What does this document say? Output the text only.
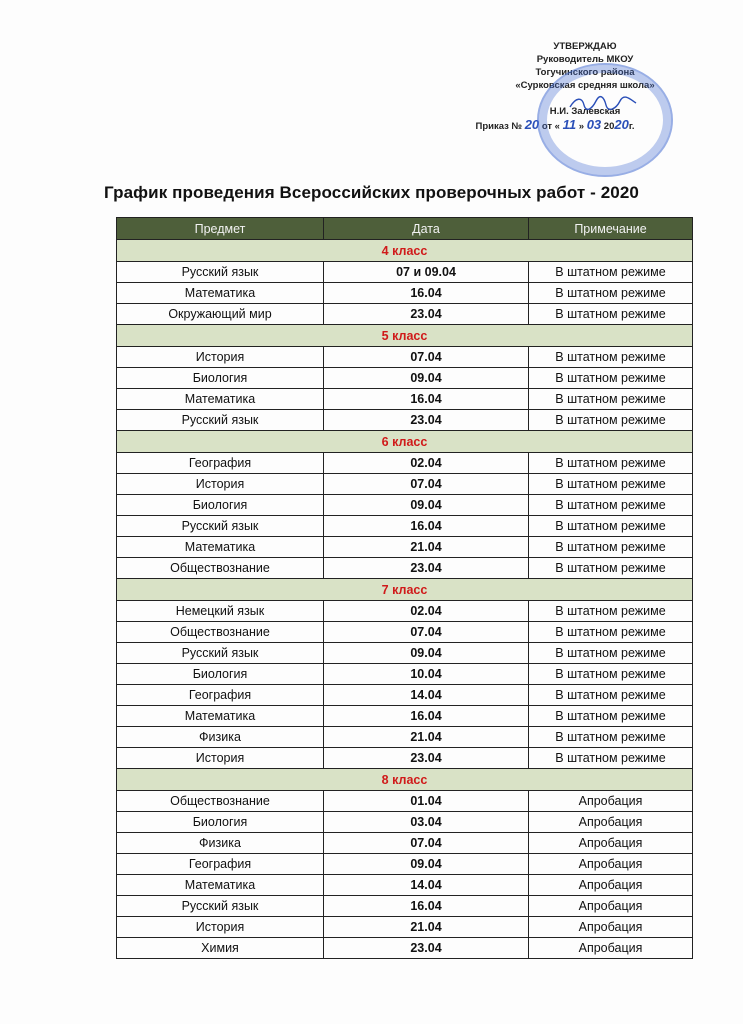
УТВЕРЖДАЮ
Руководитель МКОУ
Тогучинского района
«Сурковская средняя школа»
Н.И. Залевская
Приказ № 20 от « 11 » 03 2020г.
График проведения Всероссийских проверочных работ - 2020
Предмет	Дата	Примечание
4 класс		
Русский язык	07 и 09.04	В штатном режиме
Математика	16.04	В штатном режиме
Окружающий мир	23.04	В штатном режиме
5 класс		
История	07.04	В штатном режиме
Биология	09.04	В штатном режиме
Математика	16.04	В штатном режиме
Русский язык	23.04	В штатном режиме
6 класс		
География	02.04	В штатном режиме
История	07.04	В штатном режиме
Биология	09.04	В штатном режиме
Русский язык	16.04	В штатном режиме
Математика	21.04	В штатном режиме
Обществознание	23.04	В штатном режиме
7 класс		
Немецкий язык	02.04	В штатном режиме
Обществознание	07.04	В штатном режиме
Русский язык	09.04	В штатном режиме
Биология	10.04	В штатном режиме
География	14.04	В штатном режиме
Математика	16.04	В штатном режиме
Физика	21.04	В штатном режиме
История	23.04	В штатном режиме
8 класс		
Обществознание	01.04	Апробация
Биология	03.04	Апробация
Физика	07.04	Апробация
География	09.04	Апробация
Математика	14.04	Апробация
Русский язык	16.04	Апробация
История	21.04	Апробация
Химия	23.04	Апробация
